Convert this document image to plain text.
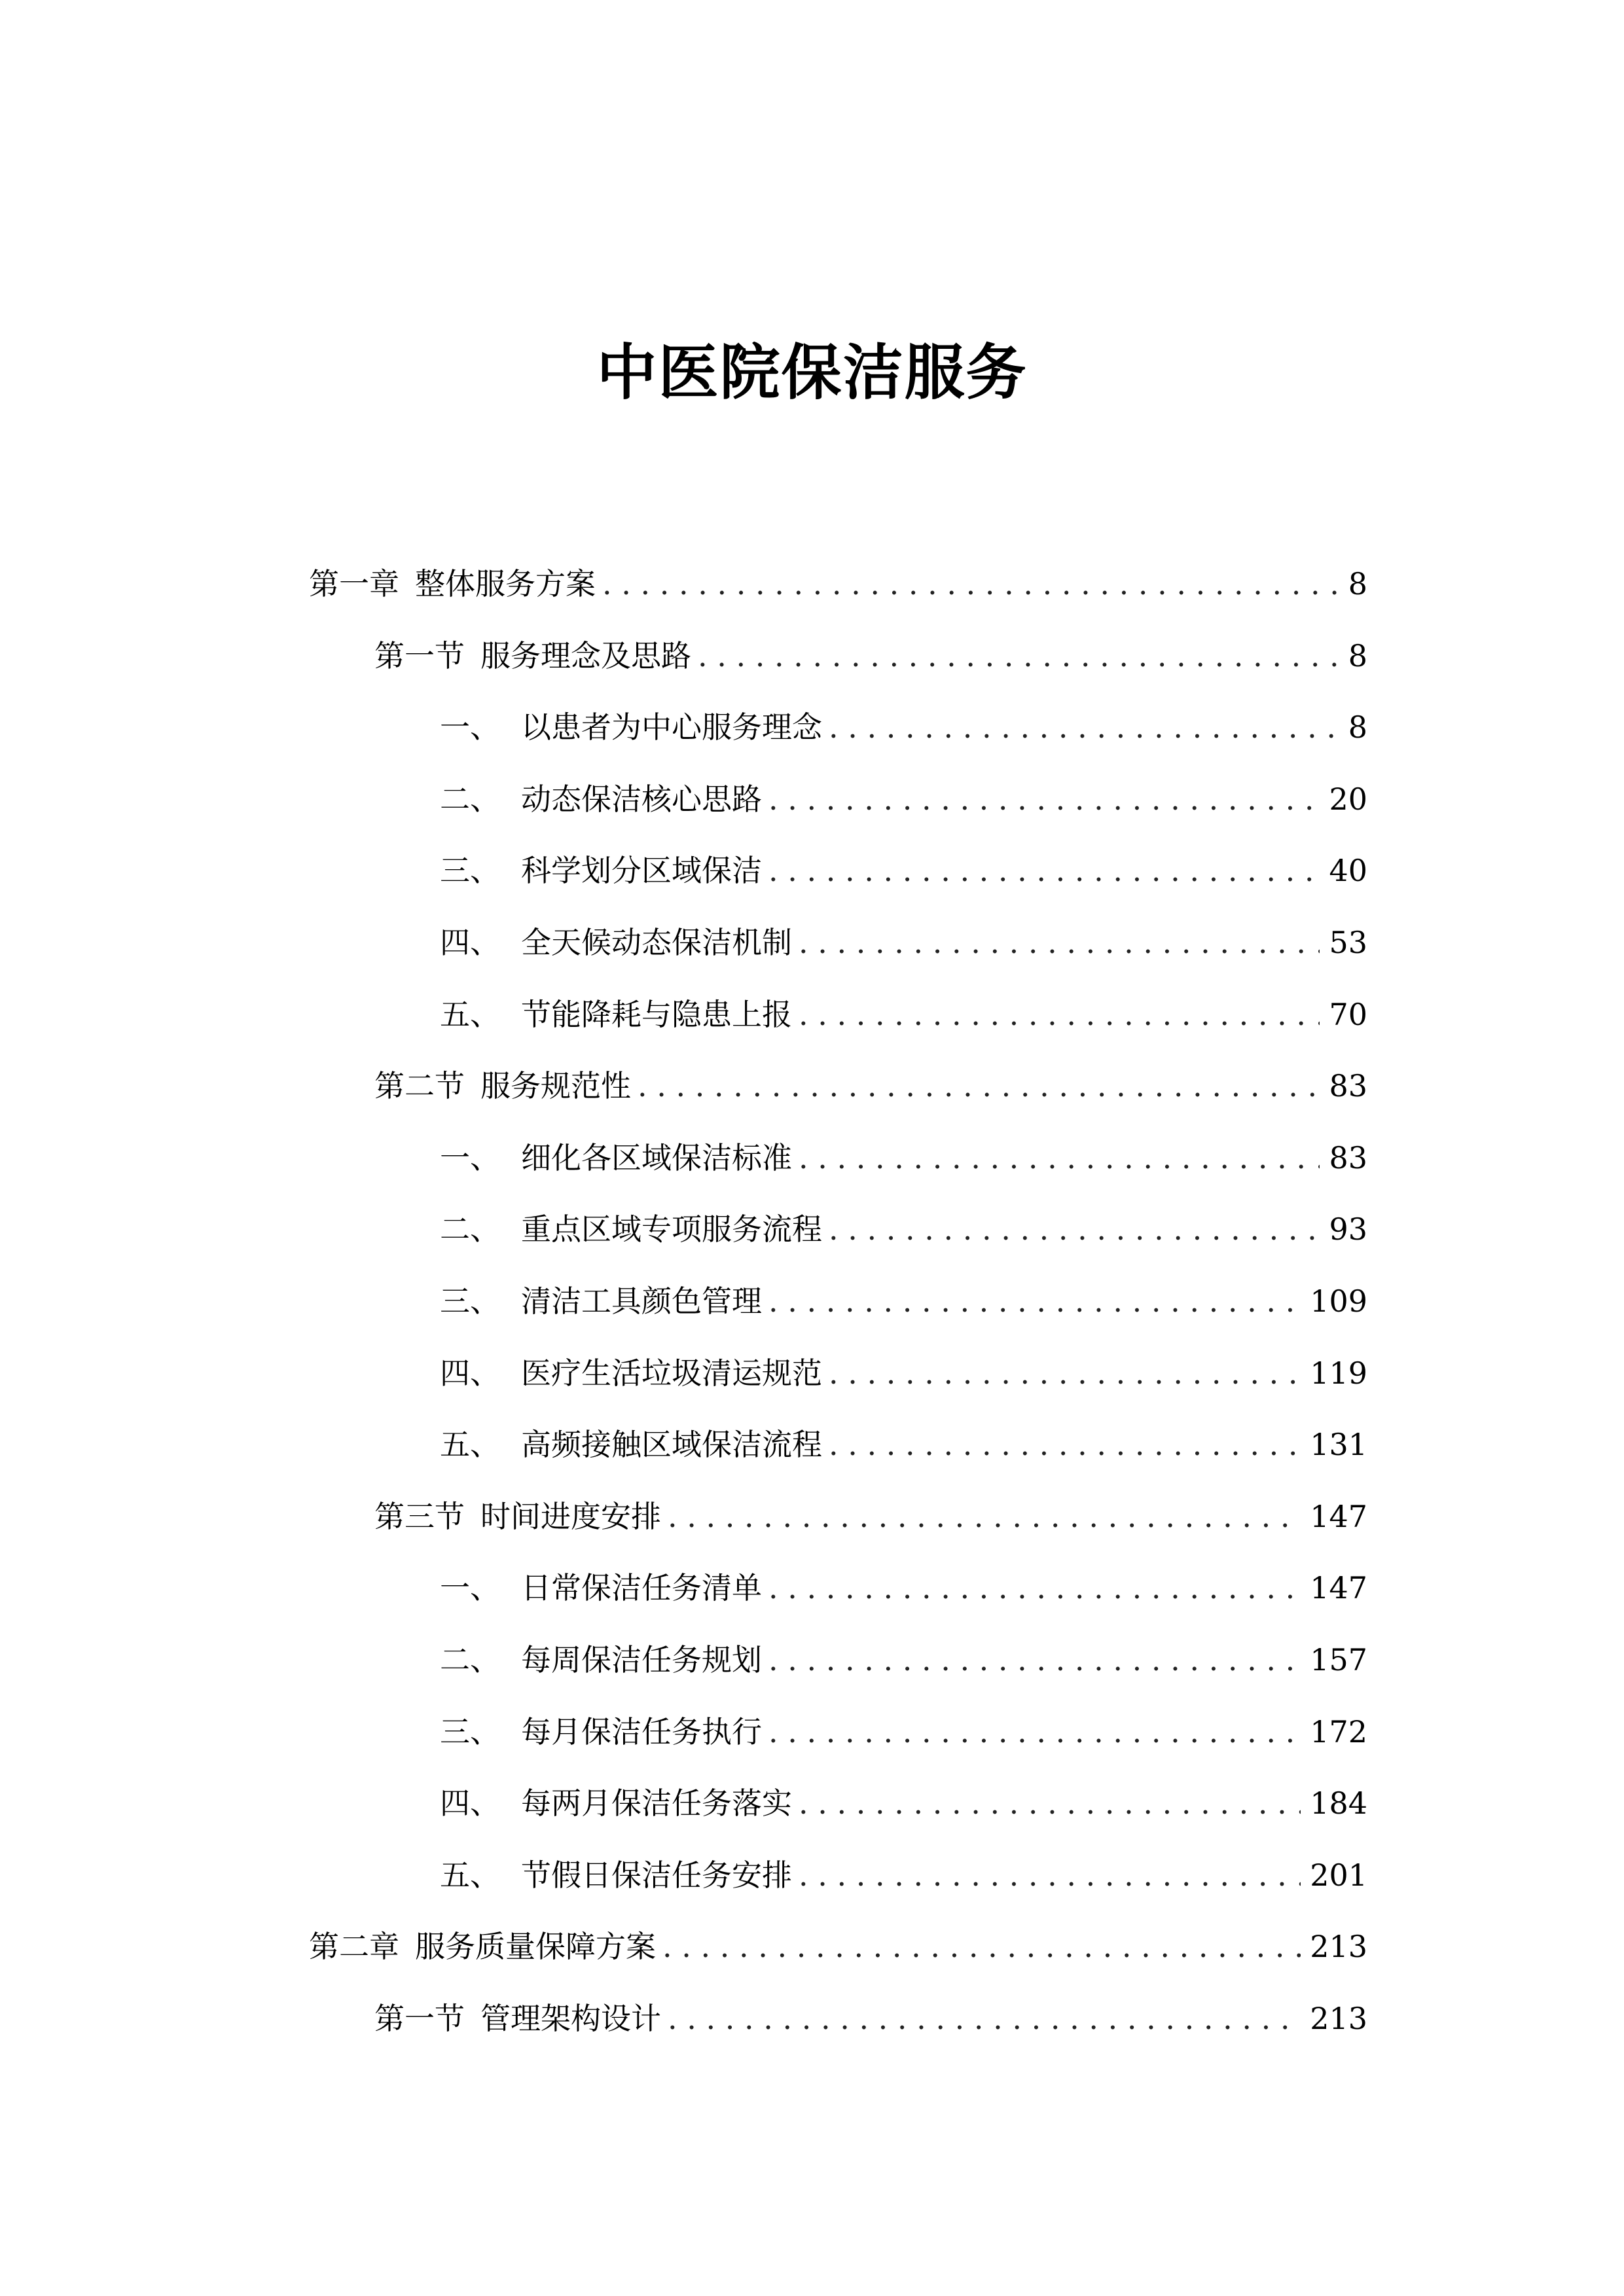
中医院保洁服务
第一章 整体服务方案 . . .	8
第一节 服务理念及思路 . . .	8
一、 以患者为中心服务理念 . . .	8
二、 动态保洁核心思路 . . .	20
三、 科学划分区域保洁 . . .	40
四、 全天候动态保洁机制 . . .	53
五、 节能降耗与隐患上报 . . .	70
第二节 服务规范性 . . .	83
一、 细化各区域保洁标准 . . .	83
二、 重点区域专项服务流程 . . .	93
三、 清洁工具颜色管理 . . .	109
四、 医疗生活垃圾清运规范 . . .	119
五、 高频接触区域保洁流程 . . .	131
第三节 时间进度安排 . . .	147
一、 日常保洁任务清单 . . .	147
二、 每周保洁任务规划 . . .	157
三、 每月保洁任务执行 . . .	172
四、 每两月保洁任务落实 . . .	184
五、 节假日保洁任务安排 . . .	201
第二章 服务质量保障方案 . . .	213
第一节 管理架构设计 . . .	213
